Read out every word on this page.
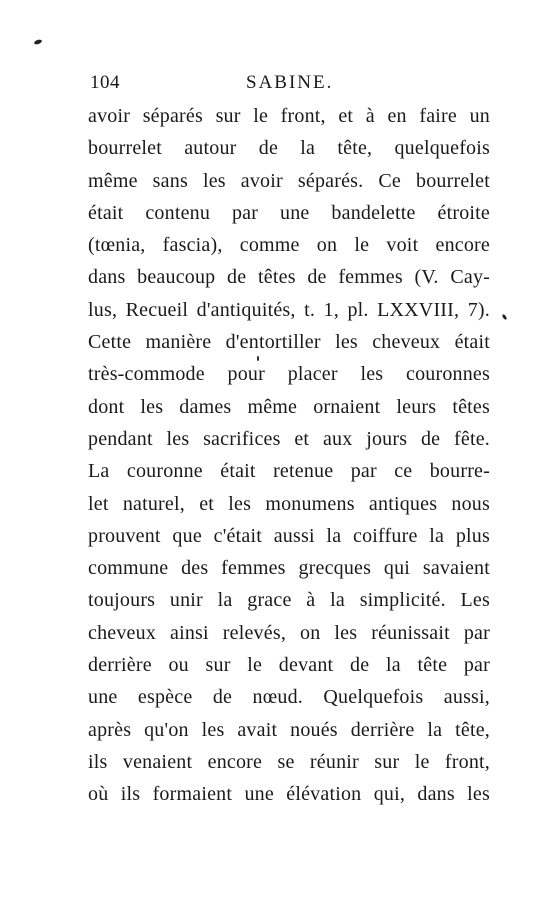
104	SABINE.
avoir séparés sur le front, et à en faire un
bourrelet autour de la tête, quelquefois
même sans les avoir séparés. Ce bourrelet
était contenu par une bandelette étroite
(tœnia, fascia), comme on le voit encore
dans beaucoup de têtes de femmes (V. Cay-
lus, Recueil d'antiquités, t. 1, pl. LXXVIII, 7).
Cette manière d'entortiller les cheveux était
très-commode pour placer les couronnes
dont les dames même ornaient leurs têtes
pendant les sacrifices et aux jours de fête.
La couronne était retenue par ce bourre-
let naturel, et les monumens antiques nous
prouvent que c'était aussi la coiffure la plus
commune des femmes grecques qui savaient
toujours unir la grace à la simplicité. Les
cheveux ainsi relevés, on les réunissait par
derrière ou sur le devant de la tête par
une espèce de nœud. Quelquefois aussi,
après qu'on les avait noués derrière la tête,
ils venaient encore se réunir sur le front,
où ils formaient une élévation qui, dans les
